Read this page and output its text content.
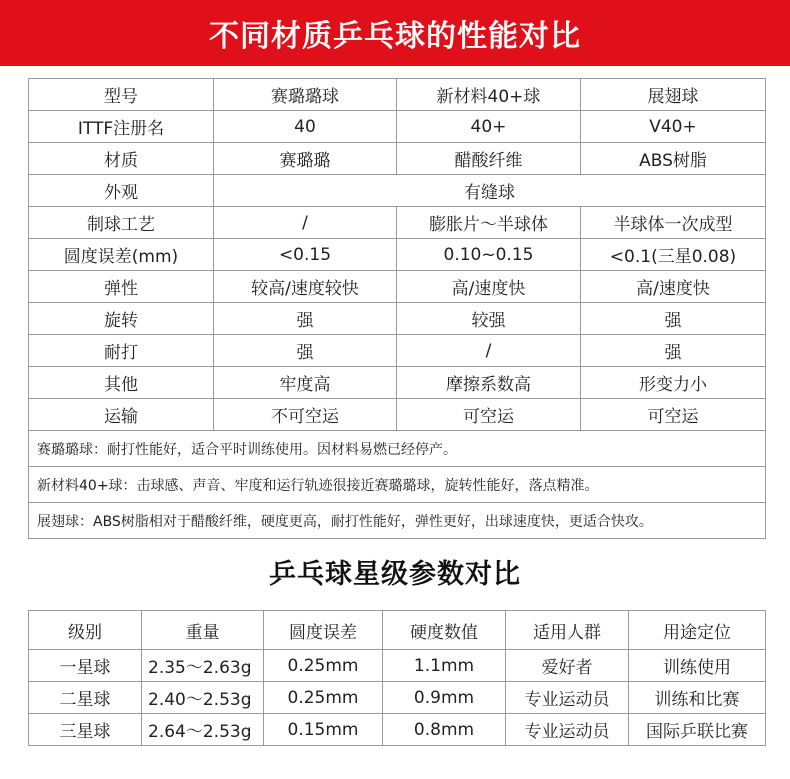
不同材质乒乓球的性能对比
型号	赛璐璐球	新材料40+球	展翅球
ITTF注册名	40	40+	V40+
材质	赛璐璐	醋酸纤维	ABS树脂
外观	有缝球		
制球工艺	/	膨胀片～半球体	半球体一次成型
圆度误差(mm)	<0.15	0.10~0.15	<0.1(三星0.08)
弹性	较高/速度较快	高/速度快	高/速度快
旋转	强	较强	强
耐打	强	/	强
其他	牢度高	摩擦系数高	形变力小
运输	不可空运	可空运	可空运
赛璐璐球：耐打性能好，适合平时训练使用。因材料易燃已经停产。			
新材料40+球：击球感、声音、牢度和运行轨迹很接近赛璐璐球，旋转性能好，落点精准。			
展翅球：ABS树脂相对于醋酸纤维，硬度更高，耐打性能好，弹性更好，出球速度快，更适合快攻。			
乒乓球星级参数对比
级别	重量	圆度误差	硬度数值	适用人群	用途定位
一星球	2.35～2.63g	0.25mm	1.1mm	爱好者	训练使用
二星球	2.40～2.53g	0.25mm	0.9mm	专业运动员	训练和比赛
三星球	2.64～2.53g	0.15mm	0.8mm	专业运动员	国际乒联比赛
